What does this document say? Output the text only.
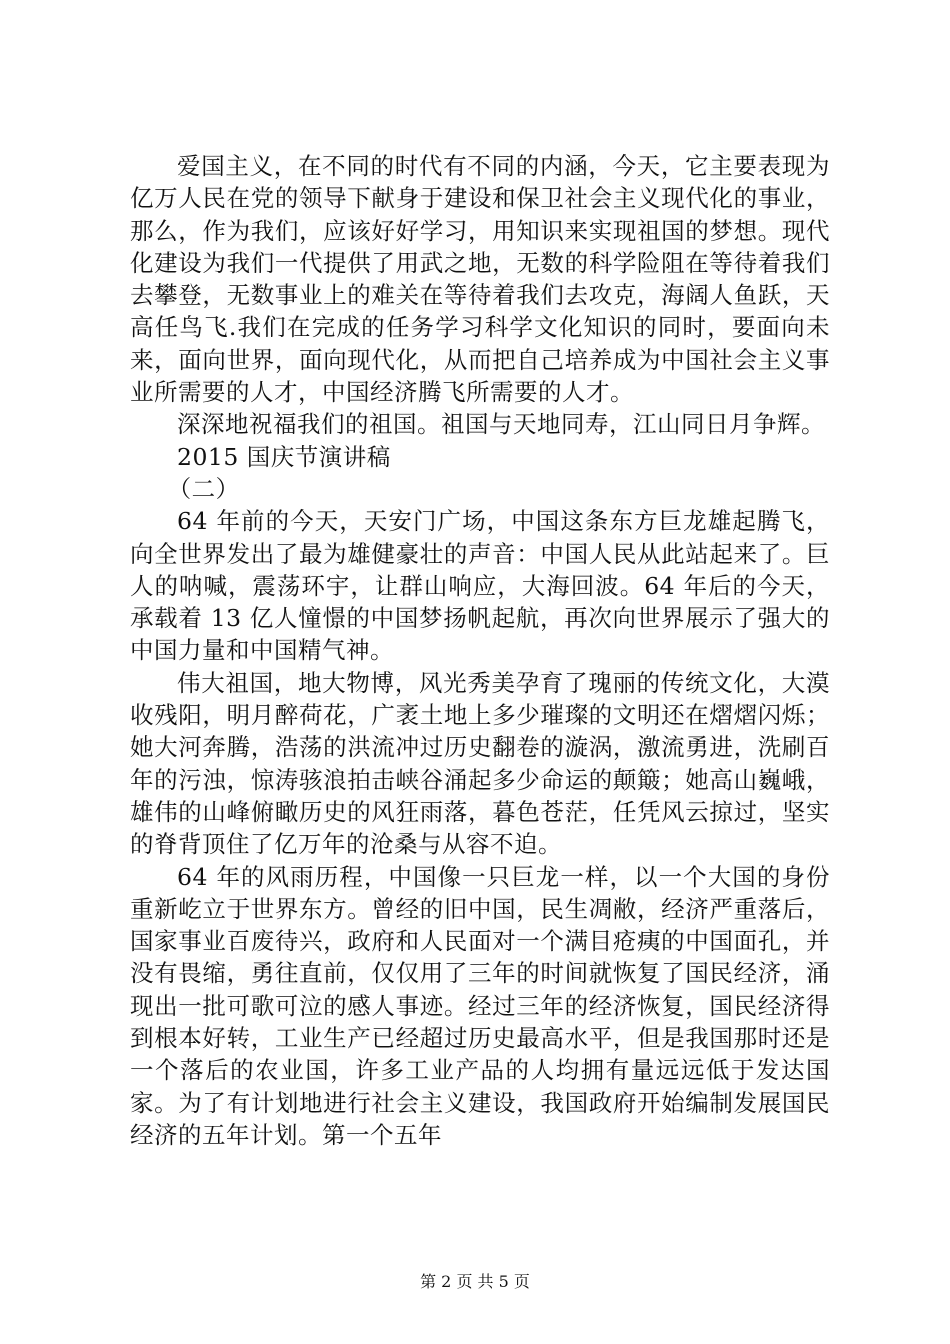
爱国主义，在不同的时代有不同的内涵，今天，它主要表现为亿万人民在党的领导下献身于建设和保卫社会主义现代化的事业，那么，作为我们，应该好好学习，用知识来实现祖国的梦想。现代化建设为我们一代提供了用武之地，无数的科学险阻在等待着我们去攀登，无数事业上的难关在等待着我们去攻克，海阔人鱼跃，天高任鸟飞.我们在完成的任务学习科学文化知识的同时，要面向未来，面向世界，面向现代化，从而把自己培养成为中国社会主义事业所需要的人才，中国经济腾飞所需要的人才。

深深地祝福我们的祖国。祖国与天地同寿，江山同日月争辉。

2015 国庆节演讲稿

（二）

64 年前的今天，天安门广场，中国这条东方巨龙雄起腾飞，向全世界发出了最为雄健豪壮的声音：中国人民从此站起来了。巨人的呐喊，震荡环宇，让群山响应，大海回波。64 年后的今天，承载着 13 亿人憧憬的中国梦扬帆起航，再次向世界展示了强大的中国力量和中国精气神。

伟大祖国，地大物博，风光秀美孕育了瑰丽的传统文化，大漠收残阳，明月醉荷花，广袤土地上多少璀璨的文明还在熠熠闪烁；她大河奔腾，浩荡的洪流冲过历史翻卷的漩涡，激流勇进，洗刷百年的污浊，惊涛骇浪拍击峡谷涌起多少命运的颠簸；她高山巍峨，雄伟的山峰俯瞰历史的风狂雨落，暮色苍茫，任凭风云掠过，坚实的脊背顶住了亿万年的沧桑与从容不迫。

64 年的风雨历程，中国像一只巨龙一样，以一个大国的身份重新屹立于世界东方。曾经的旧中国，民生凋敝，经济严重落后，国家事业百废待兴，政府和人民面对一个满目疮痍的中国面孔，并没有畏缩，勇往直前，仅仅用了三年的时间就恢复了国民经济，涌现出一批可歌可泣的感人事迹。经过三年的经济恢复，国民经济得到根本好转，工业生产已经超过历史最高水平，但是我国那时还是一个落后的农业国，许多工业产品的人均拥有量远远低于发达国家。为了有计划地进行社会主义建设，我国政府开始编制发展国民经济的五年计划。第一个五年

第 2 页 共 5 页
